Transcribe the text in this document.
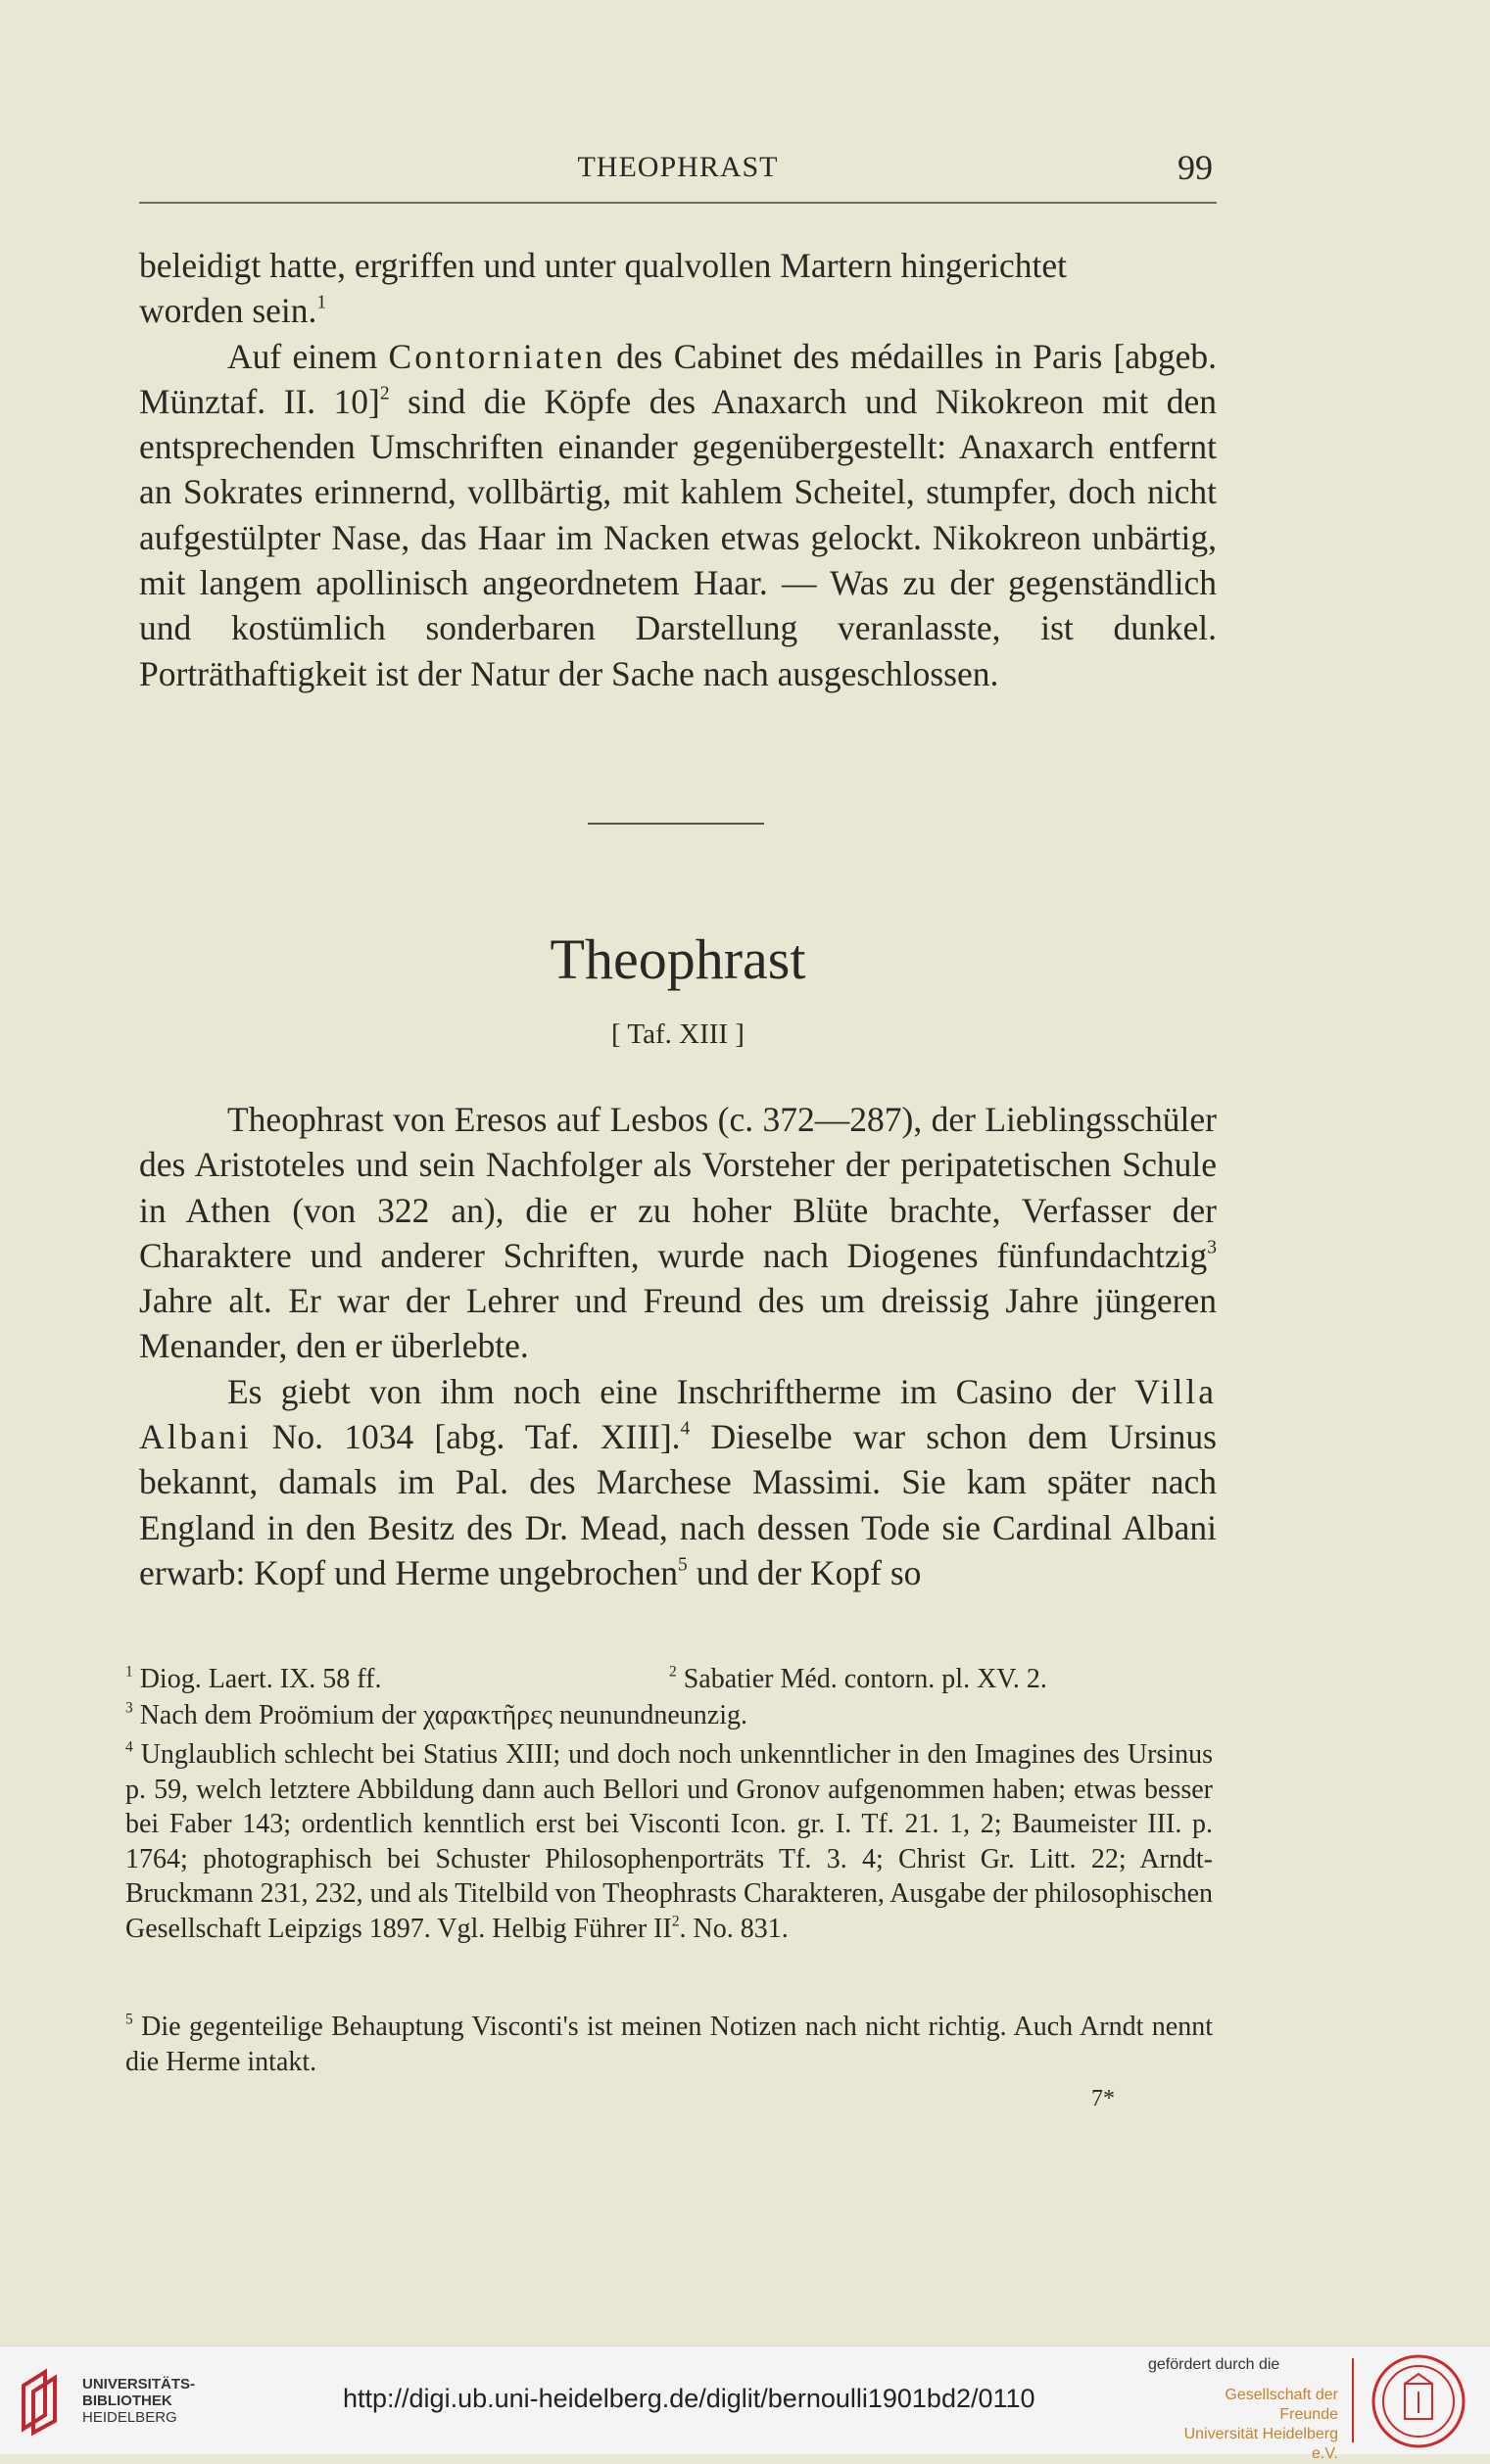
THEOPHRAST	99

beleidigt hatte, ergriffen und unter qualvollen Martern hingerichtet
worden sein.$^1$

Auf einem Contorniaten des Cabinet des médailles in Paris [abgeb. Münztaf. II. 10]$^2$ sind die Köpfe des Anaxarch und Nikokreon mit den entsprechenden Umschriften einander gegenübergestellt: Anaxarch entfernt an Sokrates erinnernd, vollbärtig, mit kahlem Scheitel, stumpfer, doch nicht aufgestülpter Nase, das Haar im Nacken etwas gelockt. Nikokreon unbärtig, mit langem apollinisch angeordnetem Haar. — Was zu der gegenständlich und kostümlich sonderbaren Darstellung veranlasste, ist dunkel. Porträthaftigkeit ist der Natur der Sache nach ausgeschlossen.

Theophrast
[ Taf. XIII ]

Theophrast von Eresos auf Lesbos (c. 372—287), der Lieblingsschüler des Aristoteles und sein Nachfolger als Vorsteher der peripatetischen Schule in Athen (von 322 an), die er zu hoher Blüte brachte, Verfasser der Charaktere und anderer Schriften, wurde nach Diogenes fünfundachtzig$^3$ Jahre alt. Er war der Lehrer und Freund des um dreissig Jahre jüngeren Menander, den er überlebte.

Es giebt von ihm noch eine Inschriftherme im Casino der Villa Albani No. 1034 [abg. Taf. XIII].$^4$ Dieselbe war schon dem Ursinus bekannt, damals im Pal. des Marchese Massimi. Sie kam später nach England in den Besitz des Dr. Mead, nach dessen Tode sie Cardinal Albani erwarb: Kopf und Herme ungebrochen$^5$ und der Kopf so

$^1$ Diog. Laert. IX. 58 ff.	$^2$ Sabatier Méd. contorn. pl. XV. 2.
$^3$ Nach dem Proömium der χαρακτῆρες neunundneunzig.
$^4$ Unglaublich schlecht bei Statius XIII; und doch noch unkenntlicher in den Imagines des Ursinus p. 59, welch letztere Abbildung dann auch Bellori und Gronov aufgenommen haben; etwas besser bei Faber 143; ordentlich kenntlich erst bei Visconti Icon. gr. I. Tf. 21. 1, 2; Baumeister III. p. 1764; photographisch bei Schuster Philosophenporträts Tf. 3. 4; Christ Gr. Litt. 22; Arndt-Bruckmann 231, 232, und als Titelbild von Theophrasts Charakteren, Ausgabe der philosophischen Gesellschaft Leipzigs 1897. Vgl. Helbig Führer $II^2$. No. 831.
$^5$ Die gegenteilige Behauptung Visconti's ist meinen Notizen nach nicht richtig. Auch Arndt nennt die Herme intakt.
7*
UNIVERSITÄTS-
BIBLIOTHEK
HEIDELBERG
http://digi.ub.uni-heidelberg.de/diglit/bernoulli1901bd2/0110
gefördert durch die
Gesellschaft der Freunde
Universität Heidelberg e.V.
